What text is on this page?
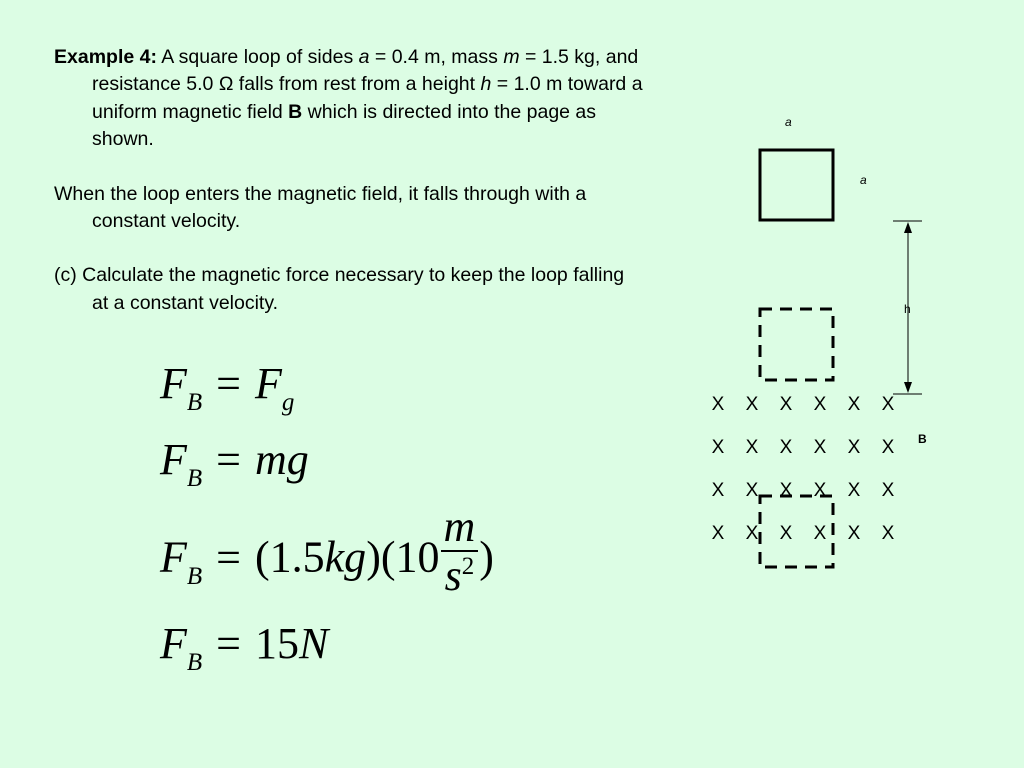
Example 4: A square loop of sides a = 0.4 m, mass m = 1.5 kg, and resistance 5.0 Ω falls from rest from a height h = 1.0 m toward a uniform magnetic field B which is directed into the page as shown.

When the loop enters the magnetic field, it falls through with a constant velocity.

(c) Calculate the magnetic force necessary to keep the loop falling at a constant velocity.

$F_B = F_g$
$F_B$ = mg
$F_B = (1.5kg)(10 \frac{m}{s^2}$ )
$F_B = 15N$
a
a
h
X X X X X X
X X X X X X
X X X X X X
X X X X X X
B
